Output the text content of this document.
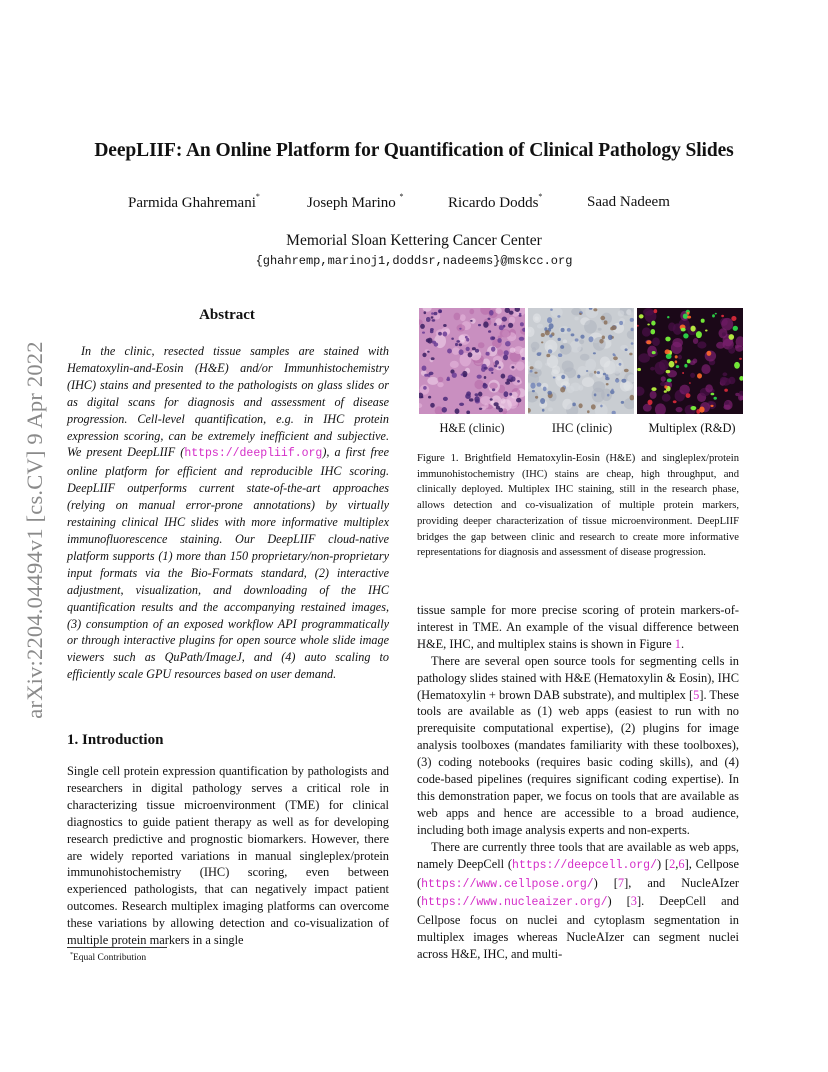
arXiv:2204.04494v1 [cs.CV] 9 Apr 2022
DeepLIIF: An Online Platform for Quantification of Clinical Pathology Slides
Parmida Ghahremani*	Joseph Marino *	Ricardo Dodds*	Saad Nadeem
Memorial Sloan Kettering Cancer Center
{ghahremp,marinoj1,doddsr,nadeems}@mskcc.org
Abstract
In the clinic, resected tissue samples are stained with Hematoxylin-and-Eosin (H&E) and/or Immunhistochemistry (IHC) stains and presented to the pathologists on glass slides or as digital scans for diagnosis and assessment of disease progression. Cell-level quantification, e.g. in IHC protein expression scoring, can be extremely inefficient and subjective. We present DeepLIIF (https://deepliif.org), a first free online platform for efficient and reproducible IHC scoring. DeepLIIF outperforms current state-of-the-art approaches (relying on manual error-prone annotations) by virtually restaining clinical IHC slides with more informative multiplex immunofluorescence staining. Our DeepLIIF cloud-native platform supports (1) more than 150 proprietary/non-proprietary input formats via the Bio-Formats standard, (2) interactive adjustment, visualization, and downloading of the IHC quantification results and the accompanying restained images, (3) consumption of an exposed workflow API programmatically or through interactive plugins for open source whole slide image viewers such as QuPath/ImageJ, and (4) auto scaling to efficiently scale GPU resources based on user demand.
1. Introduction
Single cell protein expression quantification by pathologists and researchers in digital pathology serves a critical role in characterizing tissue microenvironment (TME) for clinical diagnostics to guide patient therapy as well as for developing research predictive and prognostic biomarkers. However, there are widely reported variations in manual singleplex/protein immunohistochemistry (IHC) scoring, even between experienced pathologists, that can negatively impact patient outcomes. Research multiplex imaging platforms can overcome these variations by allowing detection and co-visualization of multiple protein markers in a single
*Equal Contribution
H&E (clinic)	IHC (clinic)	Multiplex (R&D)
Figure 1. Brightfield Hematoxylin-Eosin (H&E) and singleplex/protein immunohistochemistry (IHC) stains are cheap, high throughput, and clinically deployed. Multiplex IHC staining, still in the research phase, allows detection and co-visualization of multiple protein markers, providing deeper characterization of tissue microenvironment. DeepLIIF bridges the gap between clinic and research to create more informative representations for diagnosis and assessment of disease progression.

tissue sample for more precise scoring of protein markers-of-interest in TME. An example of the visual difference between H&E, IHC, and multiplex stains is shown in Figure 1.

There are several open source tools for segmenting cells in pathology slides stained with H&E (Hematoxylin & Eosin), IHC (Hematoxylin + brown DAB substrate), and multiplex [5]. These tools are available as (1) web apps (easiest to run with no prerequisite computational expertise), (2) plugins for image analysis toolboxes (mandates familiarity with these toolboxes), (3) coding notebooks (requires basic coding skills), and (4) code-based pipelines (requires significant coding expertise). In this demonstration paper, we focus on tools that are available as web apps and hence are accessible to a broad audience, including both image analysis experts and non-experts.

There are currently three tools that are available as web apps, namely DeepCell (https://deepcell.org/) [2,6], Cellpose (https://www.cellpose.org/) [7], and NucleAIzer (https://www.nucleaizer.org/) [3]. DeepCell and Cellpose focus on nuclei and cytoplasm segmentation in multiplex images whereas NucleAIzer can segment nuclei across H&E, IHC, and multi-
